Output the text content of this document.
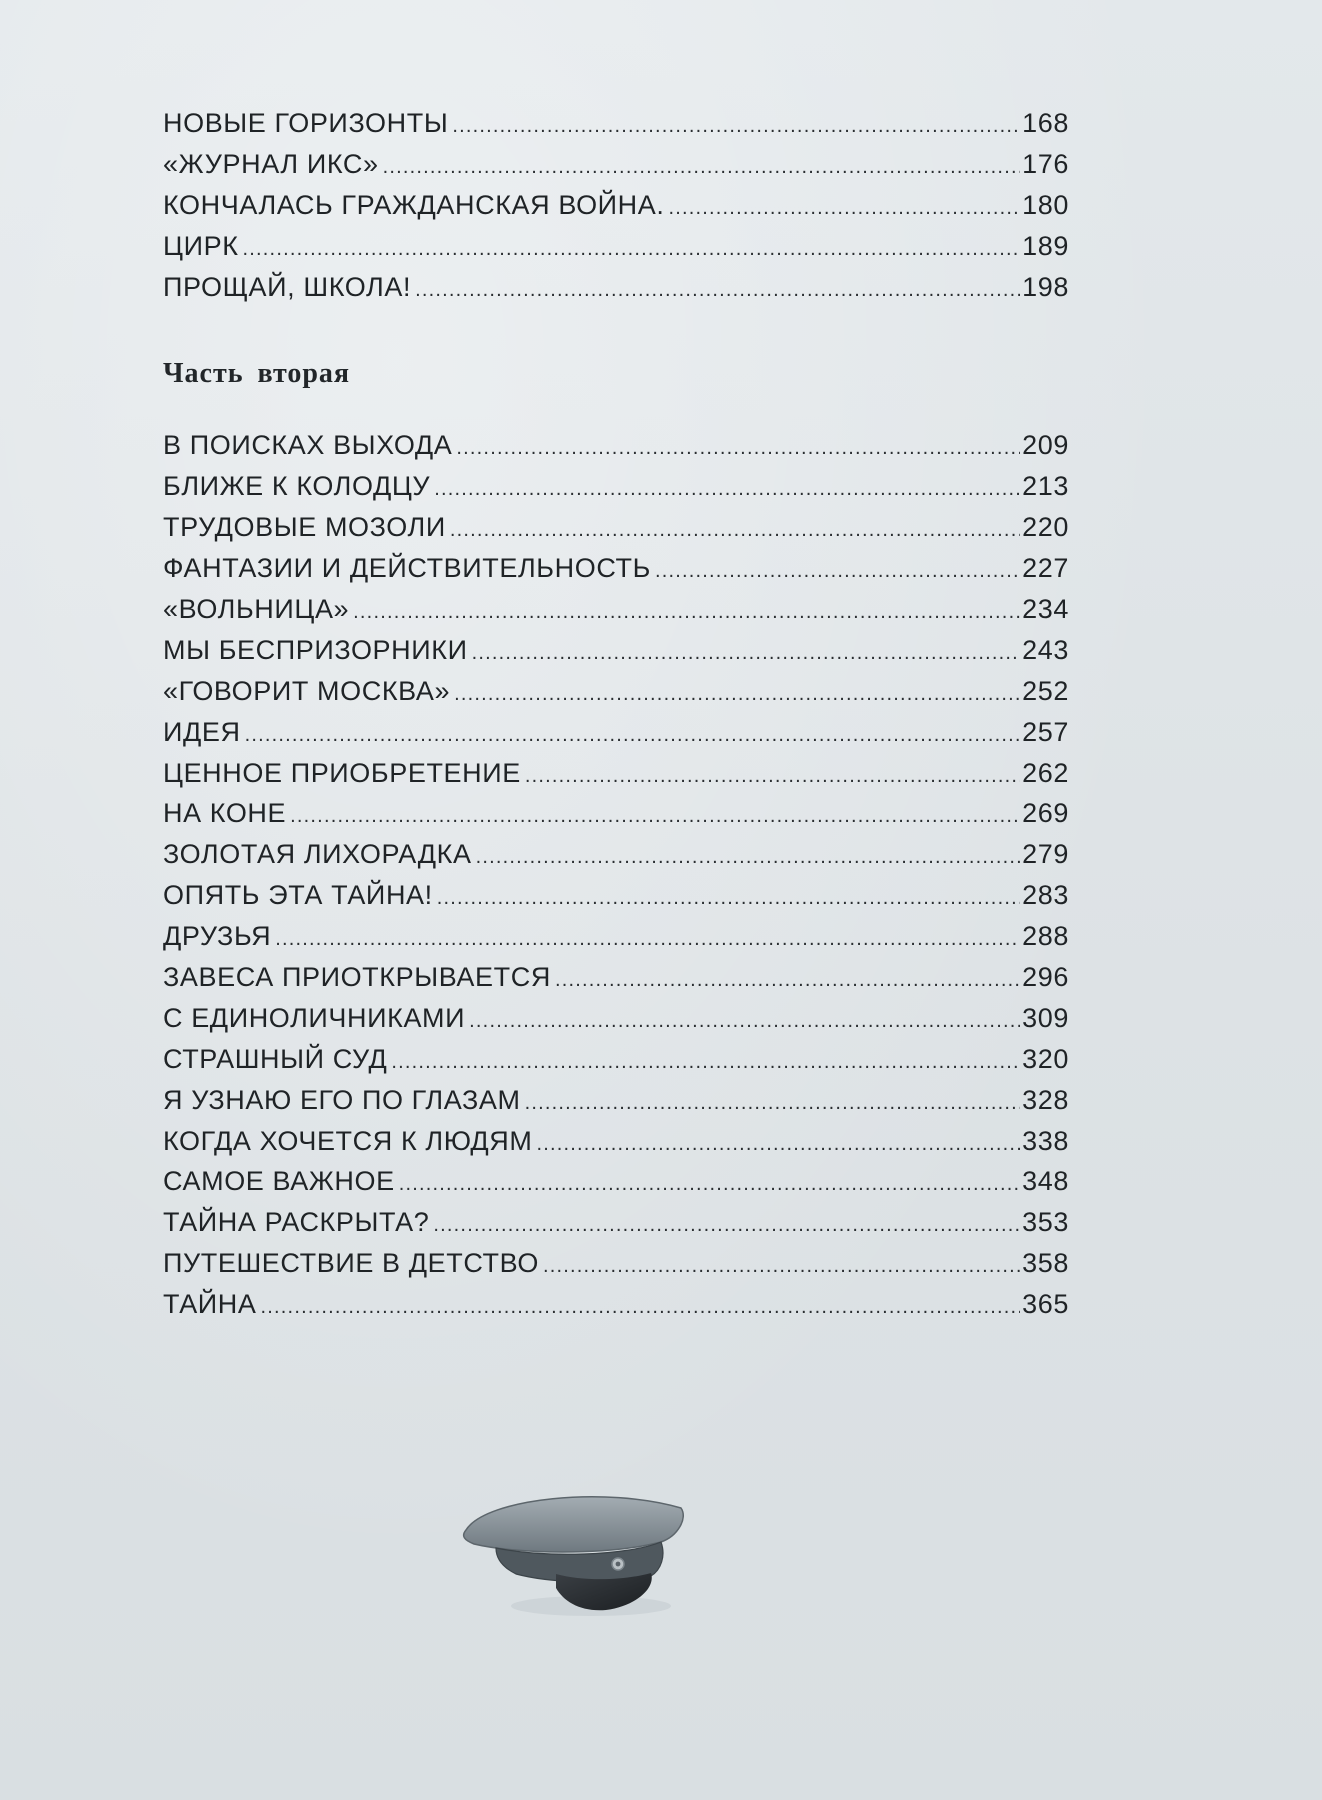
НОВЫЕ ГОРИЗОНТЫ .....	168
«ЖУРНАЛ ИКС» .....	176
КОНЧАЛАСЬ ГРАЖДАНСКАЯ ВОЙНА. .....	180
ЦИРК .....	189
ПРОЩАЙ, ШКОЛА! .....	198
Часть вторая
В ПОИСКАХ ВЫХОДА .....	209
БЛИЖЕ К КОЛОДЦУ .....	213
ТРУДОВЫЕ МОЗОЛИ .....	220
ФАНТАЗИИ И ДЕЙСТВИТЕЛЬНОСТЬ .....	227
«ВОЛЬНИЦА» .....	234
МЫ БЕСПРИЗОРНИКИ .....	243
«ГОВОРИТ МОСКВА» .....	252
ИДЕЯ .....	257
ЦЕННОЕ ПРИОБРЕТЕНИЕ .....	262
НА КОНЕ .....	269
ЗОЛОТАЯ ЛИХОРАДКА .....	279
ОПЯТЬ ЭТА ТАЙНА! .....	283
ДРУЗЬЯ .....	288
ЗАВЕСА ПРИОТКРЫВАЕТСЯ .....	296
С ЕДИНОЛИЧНИКАМИ .....	309
СТРАШНЫЙ СУД .....	320
Я УЗНАЮ ЕГО ПО ГЛАЗАМ .....	328
КОГДА ХОЧЕТСЯ К ЛЮДЯМ .....	338
САМОЕ ВАЖНОЕ .....	348
ТАЙНА РАСКРЫТА? .....	353
ПУТЕШЕСТВИЕ В ДЕТСТВО .....	358
ТАЙНА .....	365
